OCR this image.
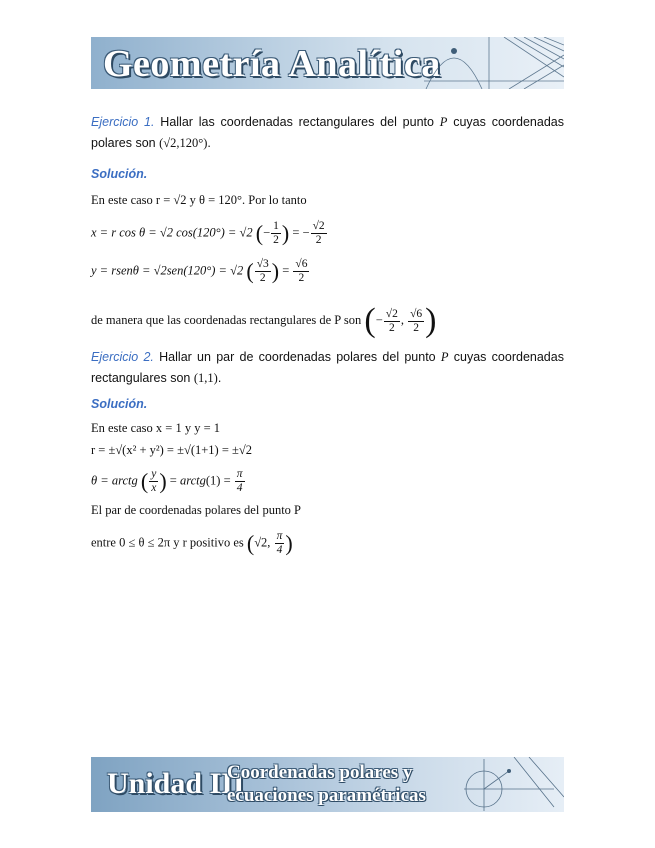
Geometría Analítica
Ejercicio 1. Hallar las coordenadas rectangulares del punto P cuyas coordenadas polares son (√2,120°).
Solución.
En este caso r = √2 y θ = 120°. Por lo tanto
x = r cos θ = √2 cos(120°) = √2 (− $\frac{1}{2}$ ) = − $\frac{√2}{2}$
y = rsenθ = √2sen(120°) = √2 ( $\frac{√3}{2}$ ) = $\frac{√6}{2}$
de manera que las coordenadas rectangulares de P son (− $\frac{√2}{2}$ , $\frac{√6}{2}$ )
Ejercicio 2. Hallar un par de coordenadas polares del punto P cuyas coordenadas rectangulares son (1,1).
Solución.
En este caso x = 1 y y = 1
r = ±√(x² + y²) = ±√(1+1) = ±√2
θ = arctg ( $\frac{y}{x}$ ) = arctg(1) = $\frac{\pi}{4}$
El par de coordenadas polares del punto P
entre 0 ≤ θ ≤ 2π y r positivo es (√2, $\frac{\pi}{4}$ )
Unidad III
Coordenadas polares y
ecuaciones paramétricas
